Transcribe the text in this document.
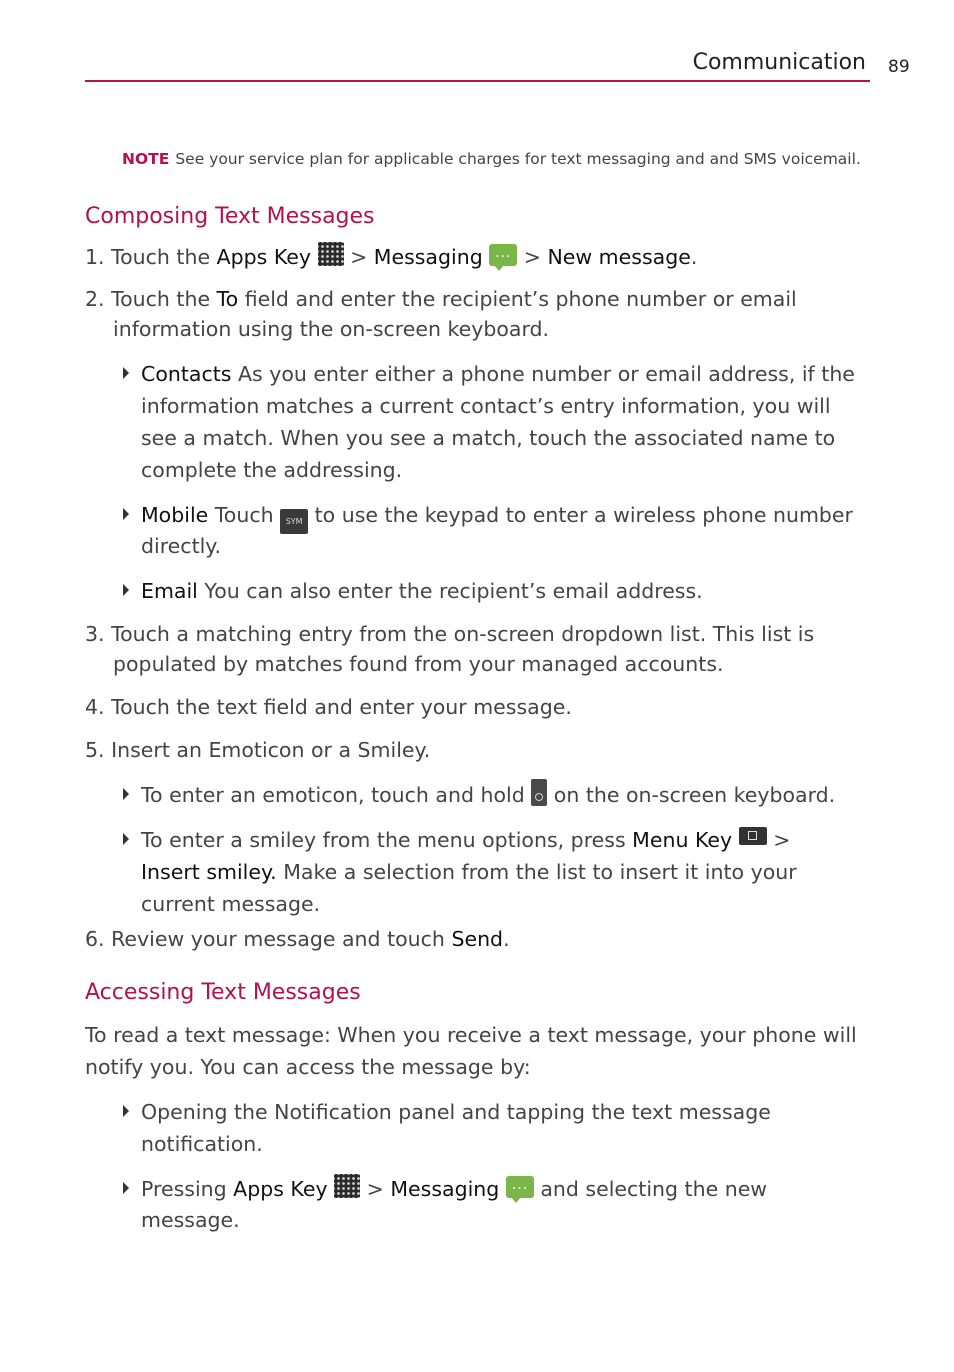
Communication 89
NOTE See your service plan for applicable charges for text messaging and and SMS voicemail.
Composing Text Messages
1. Touch the Apps Key  > Messaging ··· > New message.
2. Touch the To field and enter the recipient’s phone number or email
information using the on-screen keyboard.
Contacts As you enter either a phone number or email address, if the
information matches a current contact’s entry information, you will
see a match. When you see a match, touch the associated name to
complete the addressing.
Mobile Touch SYM to use the keypad to enter a wireless phone number
directly.
Email You can also enter the recipient’s email address.
3. Touch a matching entry from the on-screen dropdown list. This list is
populated by matches found from your managed accounts.
4. Touch the text field and enter your message.
5. Insert an Emoticon or a Smiley.
To enter an emoticon, touch and hold  on the on-screen keyboard.
To enter a smiley from the menu options, press Menu Key  >
Insert smiley. Make a selection from the list to insert it into your
current message.
6. Review your message and touch Send.
Accessing Text Messages
To read a text message: When you receive a text message, your phone will
notify you. You can access the message by:
Opening the Notification panel and tapping the text message
notification.
Pressing Apps Key  > Messaging ··· and selecting the new
message.
